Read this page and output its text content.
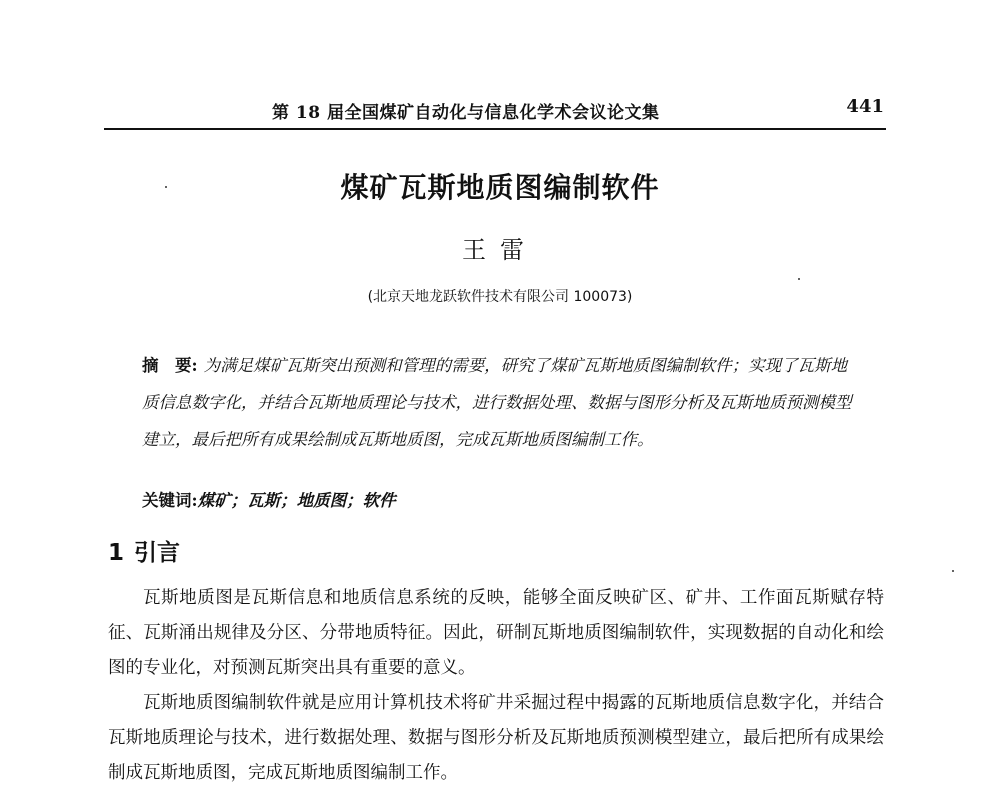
第 18 届全国煤矿自动化与信息化学术会议论文集	441
煤矿瓦斯地质图编制软件
王雷
(北京天地龙跃软件技术有限公司 100073)
摘　要: 为满足煤矿瓦斯突出预测和管理的需要，研究了煤矿瓦斯地质图编制软件；实现了瓦斯地质信息数字化，并结合瓦斯地质理论与技术，进行数据处理、数据与图形分析及瓦斯地质预测模型建立，最后把所有成果绘制成瓦斯地质图，完成瓦斯地质图编制工作。
关键词:煤矿；瓦斯；地质图；软件
1 引言

瓦斯地质图是瓦斯信息和地质信息系统的反映，能够全面反映矿区、矿井、工作面瓦斯赋存特征、瓦斯涌出规律及分区、分带地质特征。因此，研制瓦斯地质图编制软件，实现数据的自动化和绘图的专业化，对预测瓦斯突出具有重要的意义。

瓦斯地质图编制软件就是应用计算机技术将矿井采掘过程中揭露的瓦斯地质信息数字化，并结合瓦斯地质理论与技术，进行数据处理、数据与图形分析及瓦斯地质预测模型建立，最后把所有成果绘制成瓦斯地质图，完成瓦斯地质图编制工作。
